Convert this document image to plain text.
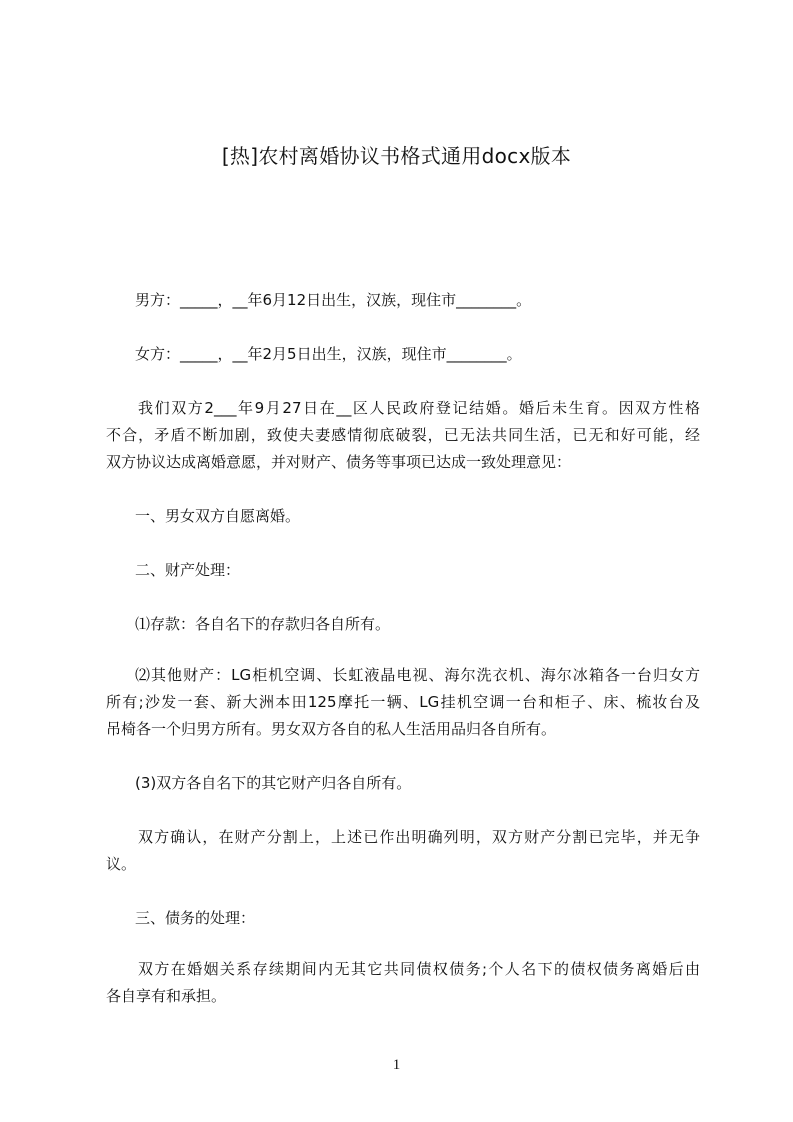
[热]农村离婚协议书格式通用docx版本
男方：_____，__年6月12日出生，汉族，现住市________。
女方：_____，__年2月5日出生，汉族，现住市________。
我们双方2___年9月27日在__区人民政府登记结婚。婚后未生育。因双方性格
不合，矛盾不断加剧，致使夫妻感情彻底破裂，已无法共同生活，已无和好可能，经
双方协议达成离婚意愿，并对财产、债务等事项已达成一致处理意见：
一、男女双方自愿离婚。
二、财产处理：
⑴存款：各自名下的存款归各自所有。
⑵其他财产：LG柜机空调、长虹液晶电视、海尔洗衣机、海尔冰箱各一台归女方
所有;沙发一套、新大洲本田125摩托一辆、LG挂机空调一台和柜子、床、梳妆台及
吊椅各一个归男方所有。男女双方各自的私人生活用品归各自所有。
(3)双方各自名下的其它财产归各自所有。
双方确认，在财产分割上，上述已作出明确列明，双方财产分割已完毕，并无争
议。
三、债务的处理：
双方在婚姻关系存续期间内无其它共同债权债务;个人名下的债权债务离婚后由
各自享有和承担。
1
